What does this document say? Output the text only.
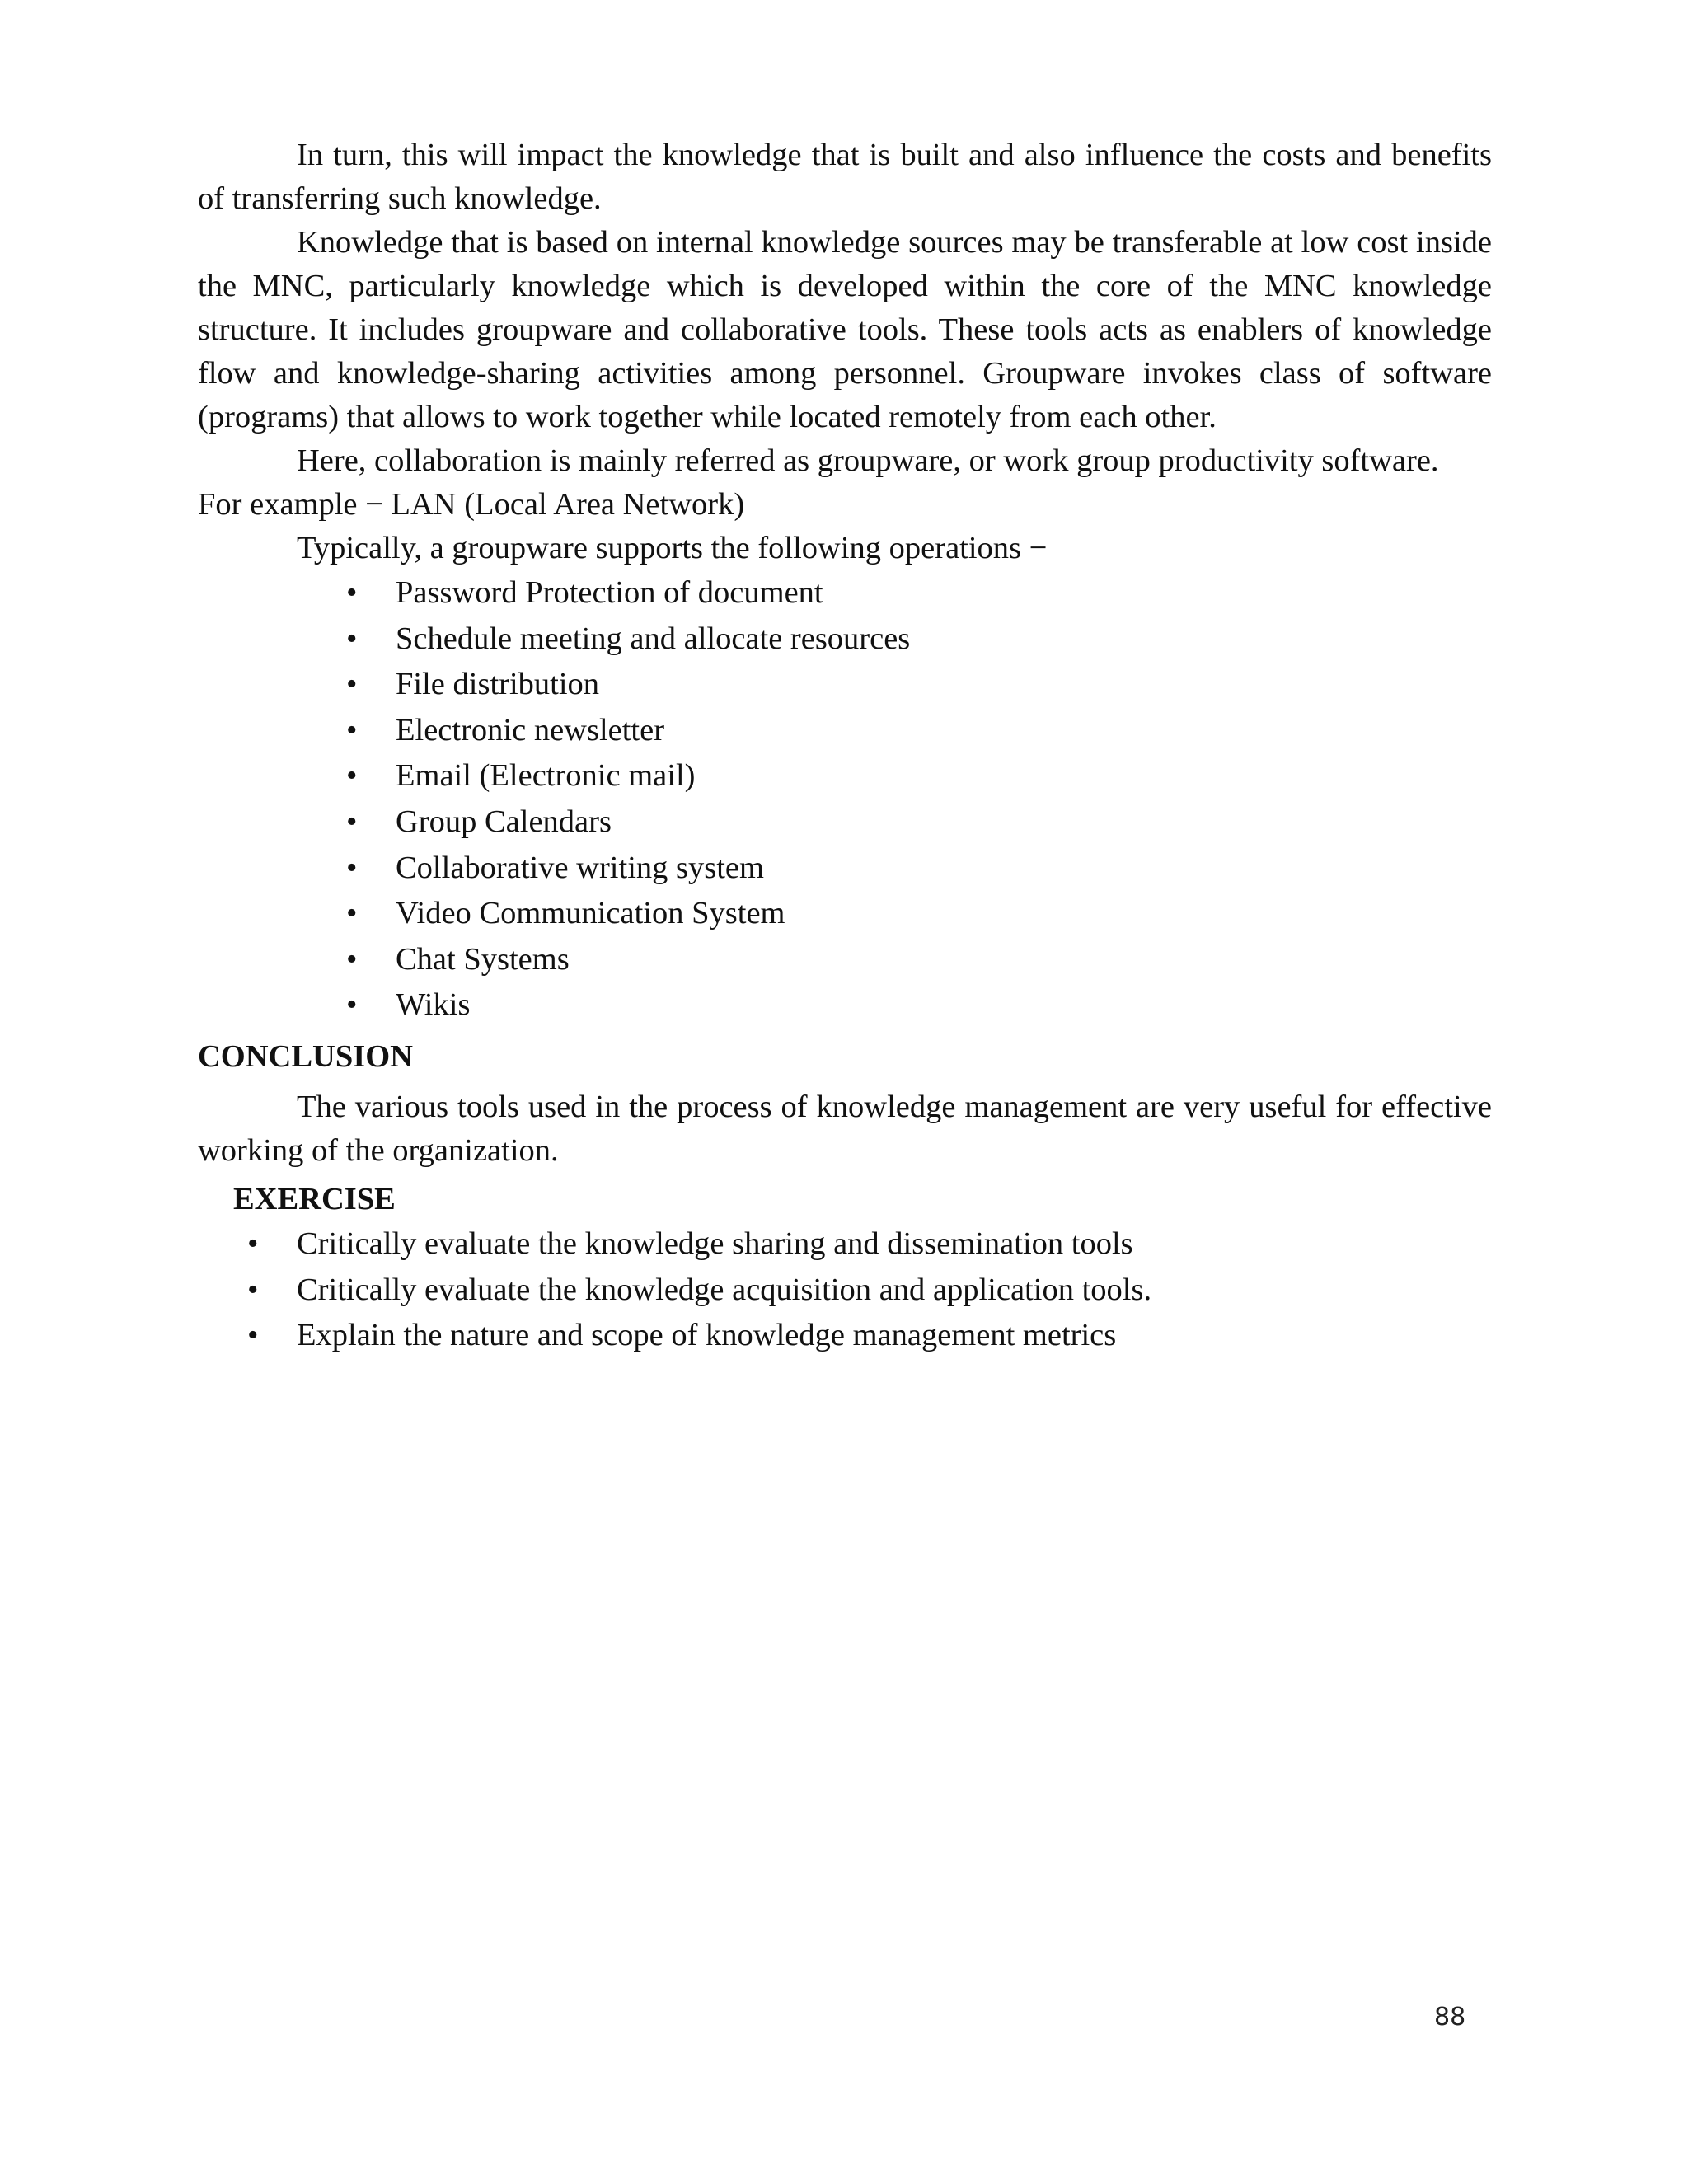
In turn, this will impact the knowledge that is built and also influence the costs and benefits of transferring such knowledge.

Knowledge that is based on internal knowledge sources may be transferable at low cost inside the MNC, particularly knowledge which is developed within the core of the MNC knowledge structure. It includes groupware and collaborative tools. These tools acts as enablers of knowledge flow and knowledge-sharing activities among personnel. Groupware invokes class of software (programs) that allows to work together while located remotely from each other.

Here, collaboration is mainly referred as groupware, or work group productivity software.

For example − LAN (Local Area Network)

Typically, a groupware supports the following operations −

•	Password Protection of document
•	Schedule meeting and allocate resources
•	File distribution
•	Electronic newsletter
•	Email (Electronic mail)
•	Group Calendars
•	Collaborative writing system
•	Video Communication System
•	Chat Systems
•	Wikis
CONCLUSION

The various tools used in the process of knowledge management are very useful for effective working of the organization.

EXERCISE
•	Critically evaluate the knowledge sharing and dissemination tools
•	Critically evaluate the knowledge acquisition and application tools.
•	Explain the nature and scope of knowledge management metrics
88
